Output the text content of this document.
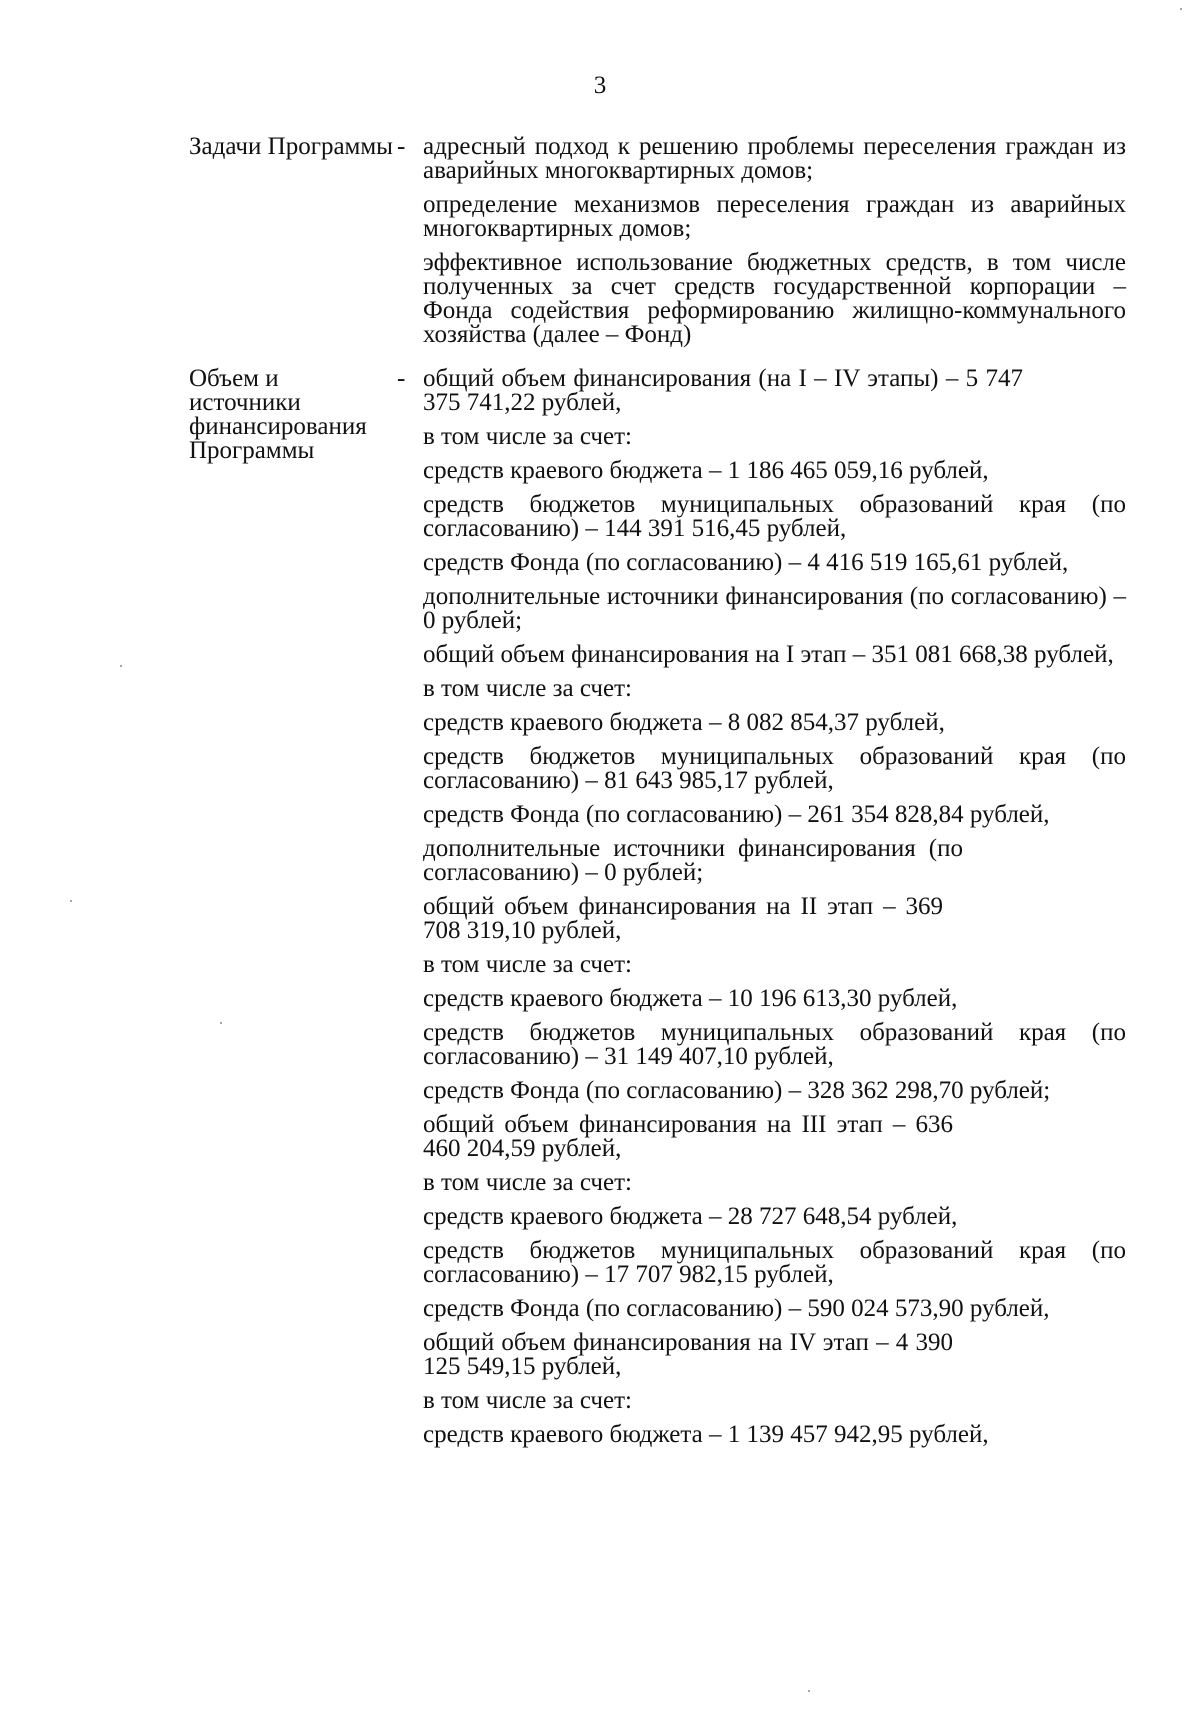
3
Задачи Программы - адресный подход к решению проблемы переселения граждан из аварийных многоквартирных домов;

определение механизмов переселения граждан из аварийных многоквартирных домов;

эффективное использование бюджетных средств, в том числе полученных за счет средств государственной корпорации – Фонда содействия реформированию жилищно-коммунального хозяйства (далее – Фонд)

Объем и источники финансирования Программы
- общий объем финансирования (на I – IV этапы) – 5 747 375 741,22 рублей,

в том числе за счет:

средств краевого бюджета – 1 186 465 059,16 рублей,

средств бюджетов муниципальных образований края (по согласованию) – 144 391 516,45 рублей,

средств Фонда (по согласованию) – 4 416 519 165,61 рублей,

дополнительные источники финансирования (по согласованию) – 0 рублей;

общий объем финансирования на I этап – 351 081 668,38 рублей,

в том числе за счет:

средств краевого бюджета – 8 082 854,37 рублей,

средств бюджетов муниципальных образований края (по согласованию) – 81 643 985,17 рублей,

средств Фонда (по согласованию) – 261 354 828,84 рублей,

дополнительные источники финансирования (по согласованию) – 0 рублей;

общий объем финансирования на II этап – 369 708 319,10 рублей,

в том числе за счет:

средств краевого бюджета – 10 196 613,30 рублей,

средств бюджетов муниципальных образований края (по согласованию) – 31 149 407,10 рублей,

средств Фонда (по согласованию) – 328 362 298,70 рублей;

общий объем финансирования на III этап – 636 460 204,59 рублей,

в том числе за счет:

средств краевого бюджета – 28 727 648,54 рублей,

средств бюджетов муниципальных образований края (по согласованию) – 17 707 982,15 рублей,

средств Фонда (по согласованию) – 590 024 573,90 рублей,

общий объем финансирования на IV этап – 4 390 125 549,15 рублей,

в том числе за счет:

средств краевого бюджета – 1 139 457 942,95 рублей,
